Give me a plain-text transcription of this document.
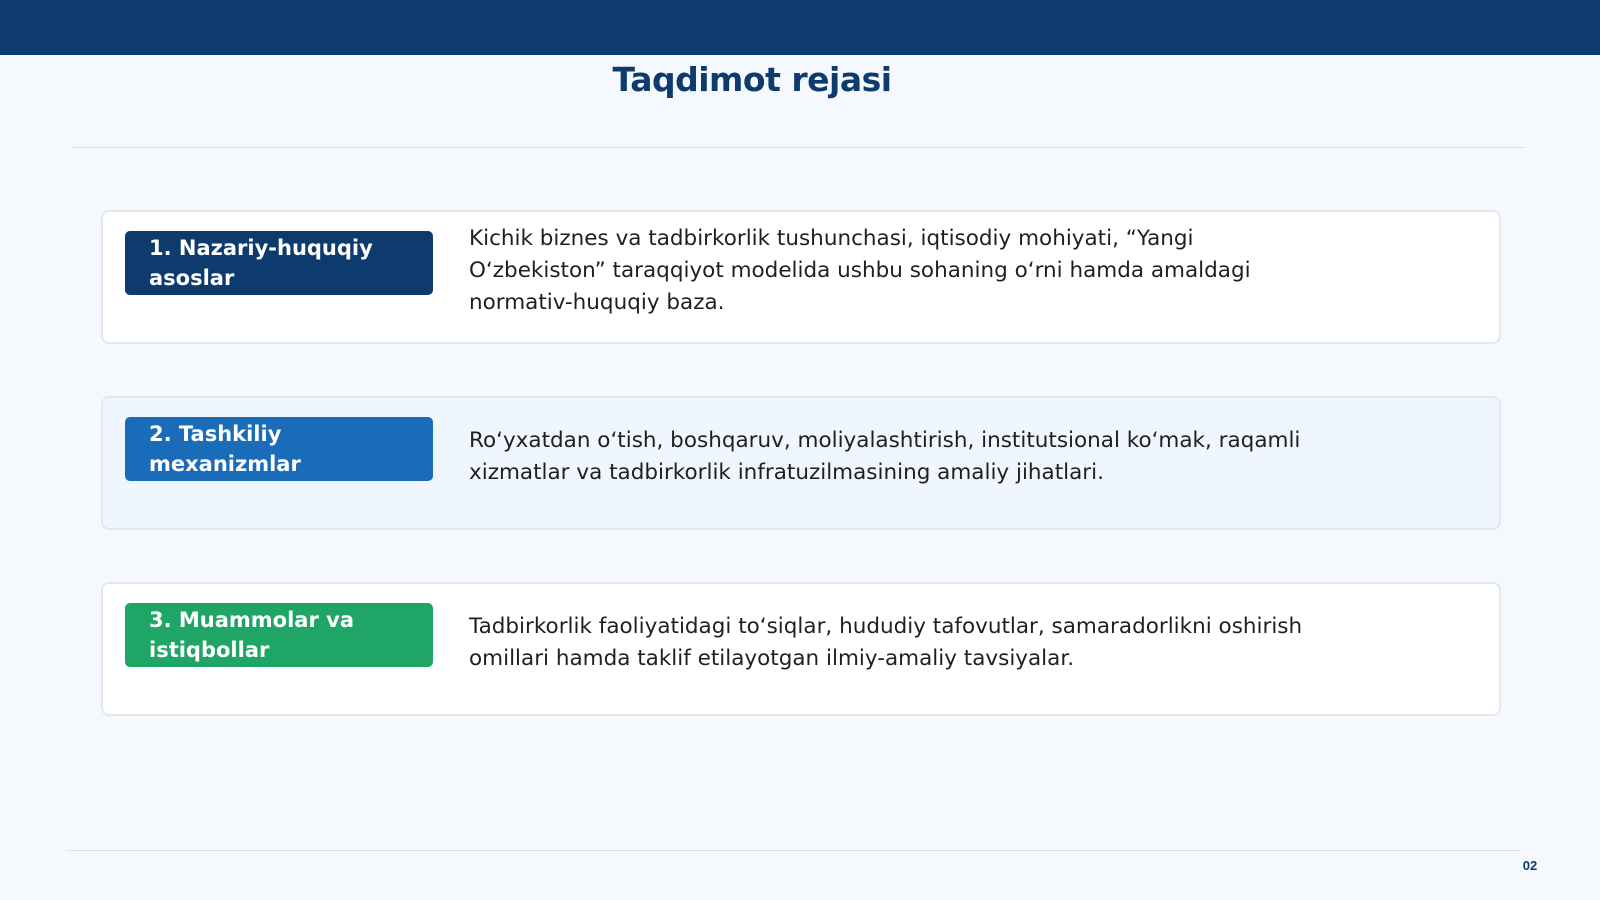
Taqdimot rejasi
1. Nazariy-huquqiy asoslar

Kichik biznes va tadbirkorlik tushunchasi, iqtisodiy mohiyati, “Yangi O‘zbekiston” taraqqiyot modelida ushbu sohaning o‘rni hamda amaldagi normativ-huquqiy baza.

2. Tashkiliy mexanizmlar

Ro‘yxatdan o‘tish, boshqaruv, moliyalashtirish, institutsional ko‘mak, raqamli xizmatlar va tadbirkorlik infratuzilmasining amaliy jihatlari.

3. Muammolar va istiqbollar

Tadbirkorlik faoliyatidagi to‘siqlar, hududiy tafovutlar, samaradorlikni oshirish omillari hamda taklif etilayotgan ilmiy-amaliy tavsiyalar.

02
